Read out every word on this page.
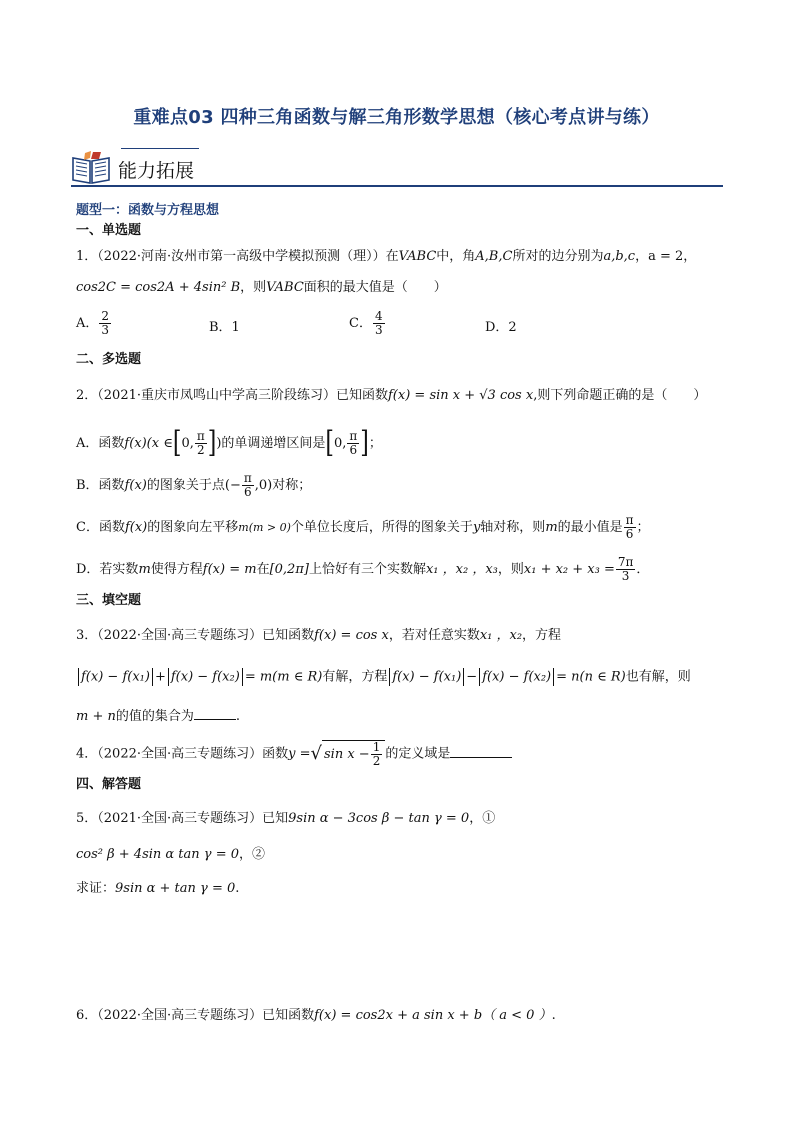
重难点03 四种三角函数与解三角形数学思想（核心考点讲与练）
能力拓展
题型一：函数与方程思想
一、单选题
1．（2022·河南·汝州市第一高级中学模拟预测（理））在VABC中，角A,B,C所对的边分别为a,b,c，a = 2，
cos2C = cos2A + 4sin² B，则VABC面积的最大值是（　　）
A． $\frac{2}{3}$	B．1	C． $\frac{4}{3}$	D．2
二、多选题
2．（2021·重庆市凤鸣山中学高三阶段练习）已知函数f(x) = sin x + √3 cos x,则下列命题正确的是（　　）
A．函数f(x)(x ∈[0, $\frac{\pi}{2}$ ])的单调递增区间是[0, $\frac{\pi}{6}$ ]；
B．函数f(x)的图象关于点(− $\frac{\pi}{6} ,0$)对称；
C．函数f(x)的图象向左平移m(m > 0)个单位长度后，所得的图象关于y轴对称，则m的最小值是 $\frac{\pi}{6}$ ；
D．若实数m使得方程f(x) = m在[0,2π]上恰好有三个实数解x₁ ，x₂ ，x₃，则$x_1 + x_2 + x_3 = \frac{7\pi}{3}$ ．
三、填空题
3．（2022·全国·高三专题练习）已知函数f(x) = cos x，若对任意实数x₁ ，x₂，方程
f(x) − f(x₁) + f(x) − f(x₂) = m(m ∈ R)有解，方程 f(x) − f(x₁) − f(x) − f(x₂) = n(n ∈ R)也有解，则
m + n的值的集合为	.
4．（2022·全国·高三专题练习）函数y =√ $\sin x - \frac{1}{2}$ 的定义域是
四、解答题
5．（2021·全国·高三专题练习）已知9sin α − 3cos β − tan γ = 0，①
cos² β + 4sin α tan γ = 0，②
求证：9sin α + tan γ = 0.
6．（2022·全国·高三专题练习）已知函数f(x) = cos2x + a sin x + b（ a < 0 ）.
